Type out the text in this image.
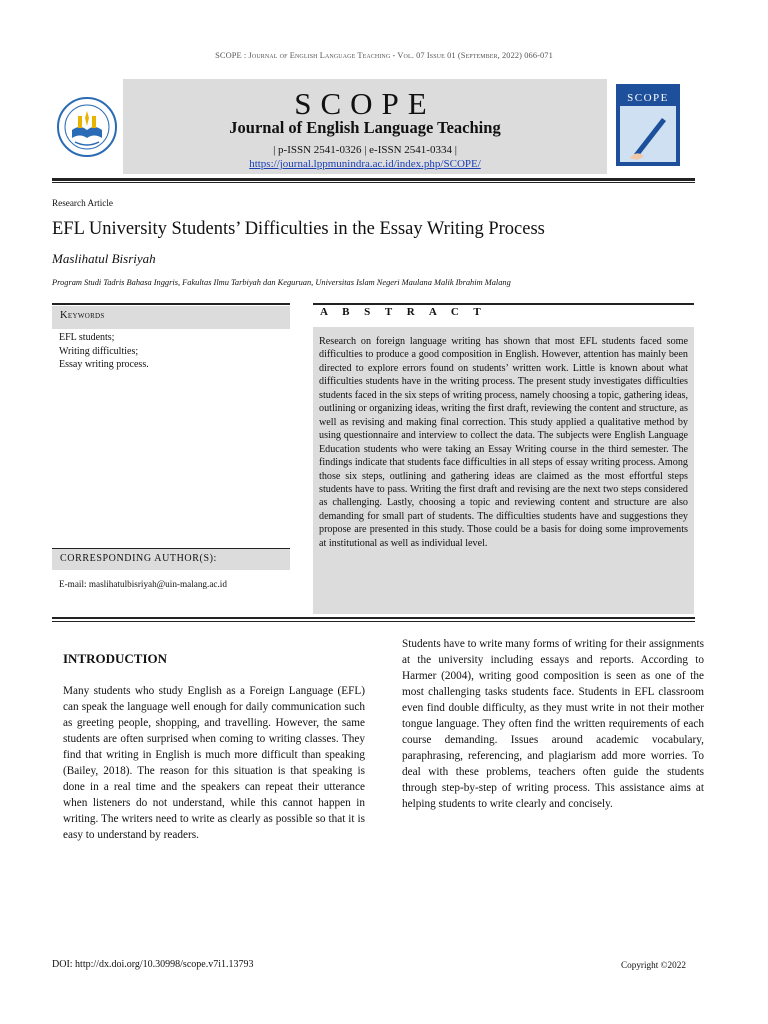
SCOPE : Journal of English Language Teaching - Vol. 07 Issue 01 (September, 2022) 066-071
SCOPE
Journal of English Language Teaching
| p-ISSN 2541-0326 | e-ISSN 2541-0334 |
https://journal.lppmunindra.ac.id/index.php/SCOPE/
SCOPE
Research Article
EFL University Students’ Difficulties in the Essay Writing Process
Maslihatul Bisriyah
Program Studi Tadris Bahasa Inggris, Fakultas Ilmu Tarbiyah dan Keguruan, Universitas Islam Negeri Maulana Malik Ibrahim Malang
Keywords
EFL students;
Writing difficulties;
Essay writing process.
A B S T R A C T
Research on foreign language writing has shown that most EFL students faced some difficulties to produce a good composition in English. However, attention has mainly been directed to explore errors found on students’ written work. Little is known about what difficulties students have in the writing process. The present study investigates difficulties students faced in the six steps of writing process, namely choosing a topic, gathering ideas, outlining or organizing ideas, writing the first draft, reviewing the content and structure, as well as revising and making final correction. This study applied a qualitative method by using questionnaire and interview to collect the data. The subjects were English Language Education students who were taking an Essay Writing course in the third semester. The findings indicate that students face difficulties in all steps of essay writing process. Among those six steps, outlining and gathering ideas are claimed as the most effortful steps students have to pass. Writing the first draft and revising are the next two steps considered as challenging. Lastly, choosing a topic and reviewing content and structure are also demanding for small part of students. The difficulties students have and suggestions they propose are presented in this study. Those could be a basis for doing some improvements at institutional as well as individual level.
CORRESPONDING AUTHOR(S):
E-mail: maslihatulbisriyah@uin-malang.ac.id
INTRODUCTION
Many students who study English as a Foreign Language (EFL) can speak the language well enough for daily communication such as greeting people, shopping, and travelling. However, the same students are often surprised when coming to writing classes. They find that writing in English is much more difficult than speaking (Bailey, 2018). The reason for this situation is that speaking is done in a real time and the speakers can repeat their utterance when listeners do not understand, while this cannot happen in writing. The writers need to write as clearly as possible so that it is easy to understand by readers.
Students have to write many forms of writing for their assignments at the university including essays and reports. According to Harmer (2004), writing good composition is seen as one of the most challenging tasks students face. Students in EFL classroom even find double difficulty, as they must write in not their mother tongue language. They often find the written requirements of each course demanding. Issues around academic vocabulary, paraphrasing, referencing, and plagiarism add more worries. To deal with these problems, teachers often guide the students through step-by-step of writing process. This assistance aims at helping students to write clearly and concisely.
DOI: http://dx.doi.org/10.30998/scope.v7i1.13793	Copyright ©2022
